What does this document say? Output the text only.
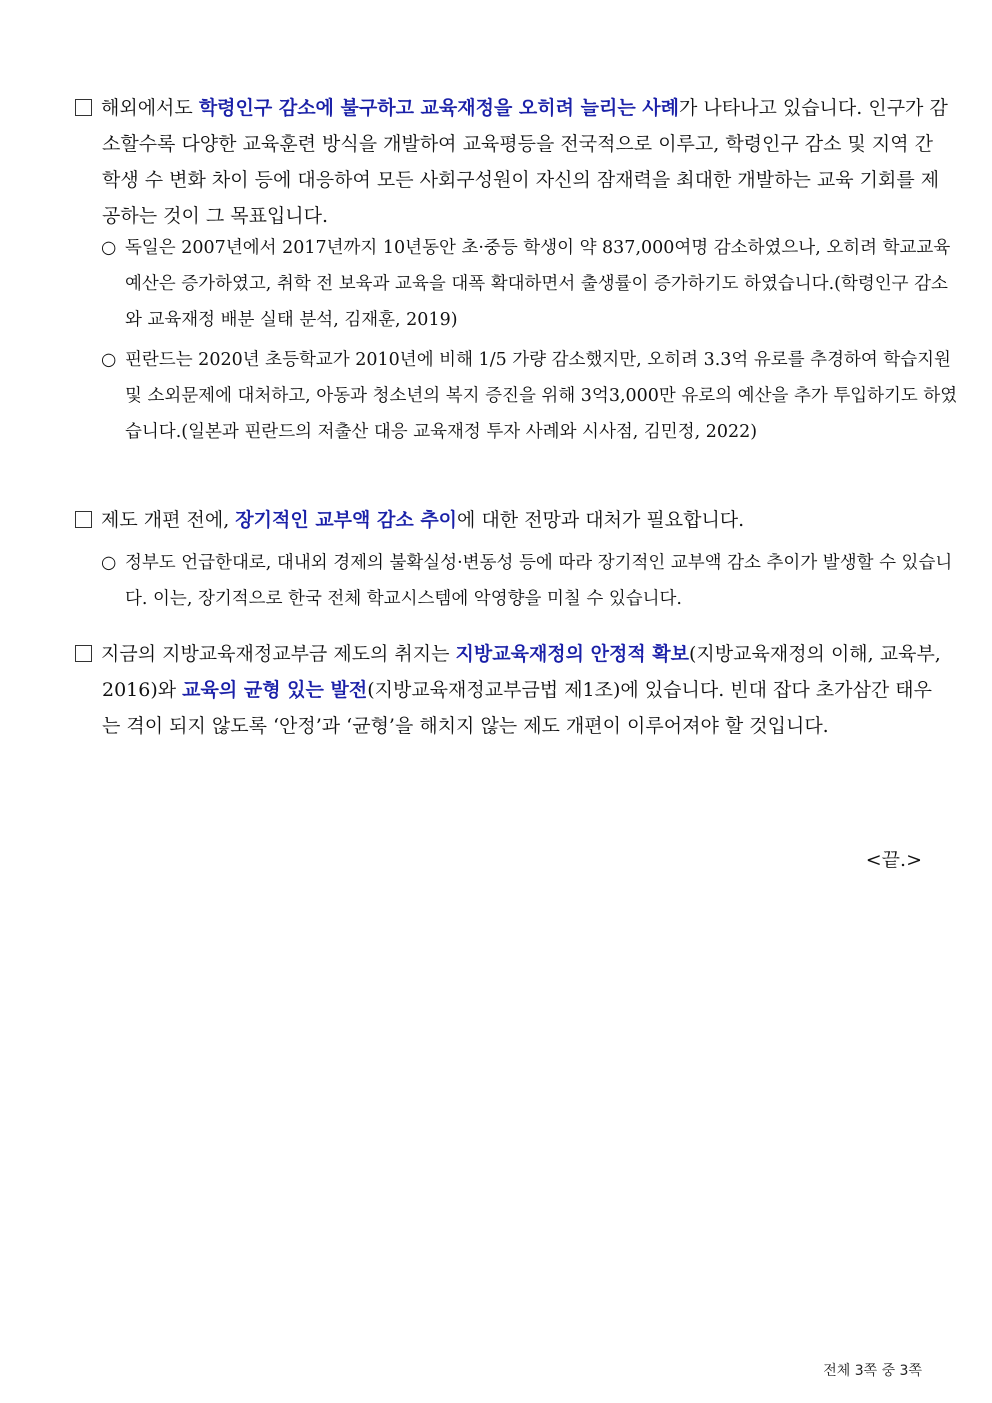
해외에서도 학령인구 감소에 불구하고 교육재정을 오히려 늘리는 사례가 나타나고 있습니다. 인구가 감소할수록 다양한 교육훈련 방식을 개발하여 교육평등을 전국적으로 이루고, 학령인구 감소 및 지역 간 학생 수 변화 차이 등에 대응하여 모든 사회구성원이 자신의 잠재력을 최대한 개발하는 교육 기회를 제공하는 것이 그 목표입니다.
○ 독일은 2007년에서 2017년까지 10년동안 초·중등 학생이 약 837,000여명 감소하였으나, 오히려 학교교육예산은 증가하였고, 취학 전 보육과 교육을 대폭 확대하면서 출생률이 증가하기도 하였습니다.(학령인구 감소와 교육재정 배분 실태 분석, 김재훈, 2019)
○ 핀란드는 2020년 초등학교가 2010년에 비해 1/5 가량 감소했지만, 오히려 3.3억 유로를 추경하여 학습지원 및 소외문제에 대처하고, 아동과 청소년의 복지 증진을 위해 3억3,000만 유로의 예산을 추가 투입하기도 하였습니다.(일본과 핀란드의 저출산 대응 교육재정 투자 사례와 시사점, 김민정, 2022)
제도 개편 전에, 장기적인 교부액 감소 추이에 대한 전망과 대처가 필요합니다.
○ 정부도 언급한대로, 대내외 경제의 불확실성·변동성 등에 따라 장기적인 교부액 감소 추이가 발생할 수 있습니다. 이는, 장기적으로 한국 전체 학교시스템에 악영향을 미칠 수 있습니다.
지금의 지방교육재정교부금 제도의 취지는 지방교육재정의 안정적 확보(지방교육재정의 이해, 교육부, 2016)와 교육의 균형 있는 발전(지방교육재정교부금법 제1조)에 있습니다. 빈대 잡다 초가삼간 태우는 격이 되지 않도록 ‘안정’과 ‘균형’을 해치지 않는 제도 개편이 이루어져야 할 것입니다.
<끝.>
전체 3쪽 중 3쪽
